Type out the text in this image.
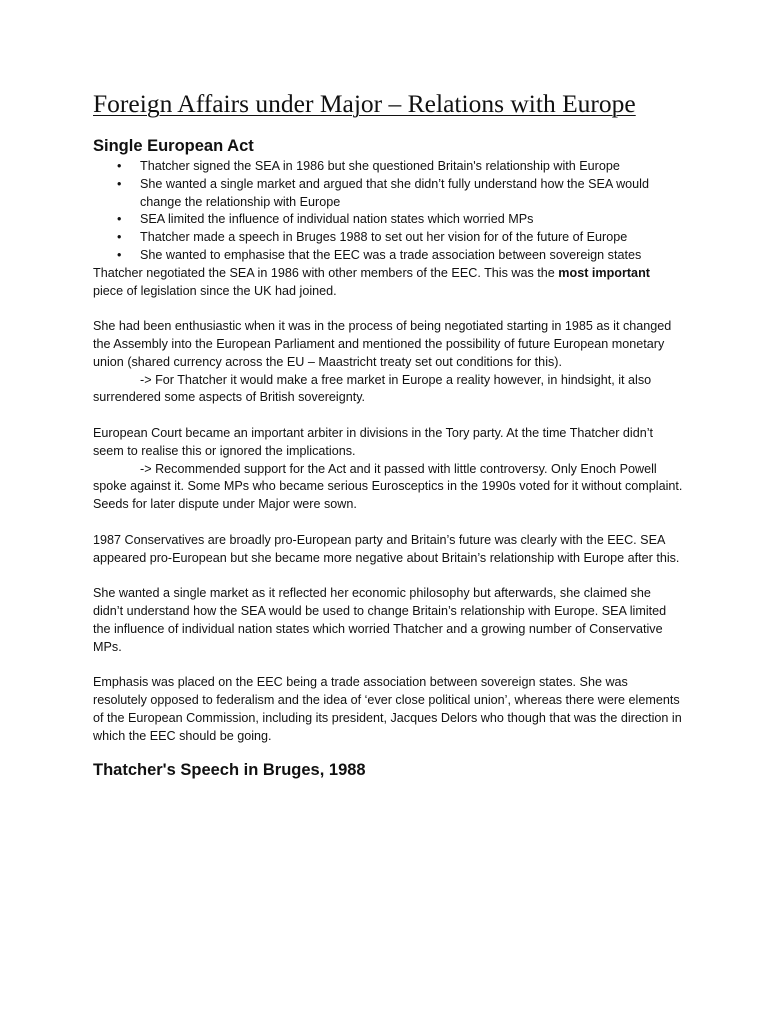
Foreign Affairs under Major – Relations with Europe
Single European Act
• Thatcher signed the SEA in 1986 but she questioned Britain's relationship with Europe
• She wanted a single market and argued that she didn’t fully understand how the SEA would change the relationship with Europe
• SEA limited the influence of individual nation states which worried MPs
• Thatcher made a speech in Bruges 1988 to set out her vision for of the future of Europe
• She wanted to emphasise that the EEC was a trade association between sovereign states

Thatcher negotiated the SEA in 1986 with other members of the EEC. This was the most important piece of legislation since the UK had joined.

She had been enthusiastic when it was in the process of being negotiated starting in 1985 as it changed the Assembly into the European Parliament and mentioned the possibility of future European monetary union (shared currency across the EU – Maastricht treaty set out conditions for this).
-> For Thatcher it would make a free market in Europe a reality however, in hindsight, it also surrendered some aspects of British sovereignty.

European Court became an important arbiter in divisions in the Tory party. At the time Thatcher didn’t seem to realise this or ignored the implications.
-> Recommended support for the Act and it passed with little controversy. Only Enoch Powell spoke against it. Some MPs who became serious Eurosceptics in the 1990s voted for it without complaint. Seeds for later dispute under Major were sown.

1987 Conservatives are broadly pro-European party and Britain’s future was clearly with the EEC. SEA appeared pro-European but she became more negative about Britain’s relationship with Europe after this.

She wanted a single market as it reflected her economic philosophy but afterwards, she claimed she didn’t understand how the SEA would be used to change Britain’s relationship with Europe. SEA limited the influence of individual nation states which worried Thatcher and a growing number of Conservative MPs.

Emphasis was placed on the EEC being a trade association between sovereign states. She was resolutely opposed to federalism and the idea of ‘ever close political union’, whereas there were elements of the European Commission, including its president, Jacques Delors who though that was the direction in which the EEC should be going.

Thatcher's Speech in Bruges, 1988
